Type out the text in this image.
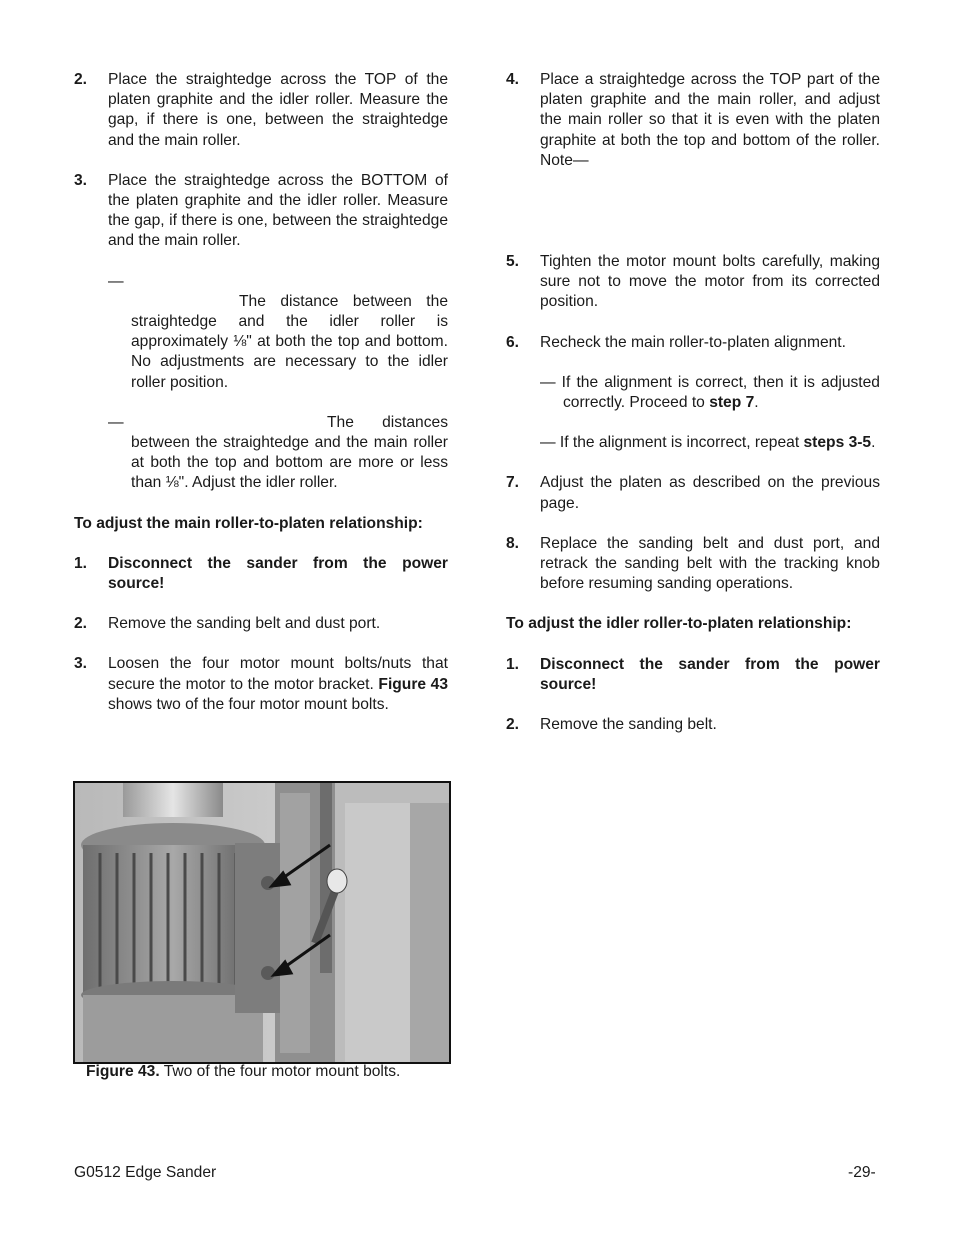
2. Place the straightedge across the TOP of the platen graphite and the idler roller. Measure the gap, if there is one, between the straightedge and the main roller.
3. Place the straightedge across the BOTTOM of the platen graphite and the idler roller. Measure the gap, if there is one, between the straightedge and the main roller.
—
The distance between the straightedge and the idler roller is approximately ⅛" at both the top and bottom. No adjustments are necessary to the idler roller position.
—	The distances between the straightedge and the main roller at both the top and bottom are more or less than ⅛". Adjust the idler roller.
To adjust the main roller-to-platen relationship:
1. Disconnect the sander from the power source!
2. Remove the sanding belt and dust port.
3. Loosen the four motor mount bolts/nuts that secure the motor to the motor bracket. Figure 43 shows two of the four motor mount bolts.
Figure 43. Two of the four motor mount bolts.
4. Place a straightedge across the TOP part of the platen graphite and the main roller, and adjust the main roller so that it is even with the platen graphite at both the top and bottom of the roller. Note—
5. Tighten the motor mount bolts carefully, making sure not to move the motor from its corrected position.
6. Recheck the main roller-to-platen alignment.
— If the alignment is correct, then it is adjusted correctly. Proceed to step 7.
— If the alignment is incorrect, repeat steps 3-5.
7. Adjust the platen as described on the previous page.
8. Replace the sanding belt and dust port, and retrack the sanding belt with the tracking knob before resuming sanding operations.
To adjust the idler roller-to-platen relationship:
1. Disconnect the sander from the power source!
2. Remove the sanding belt.
G0512 Edge Sander	-29-
